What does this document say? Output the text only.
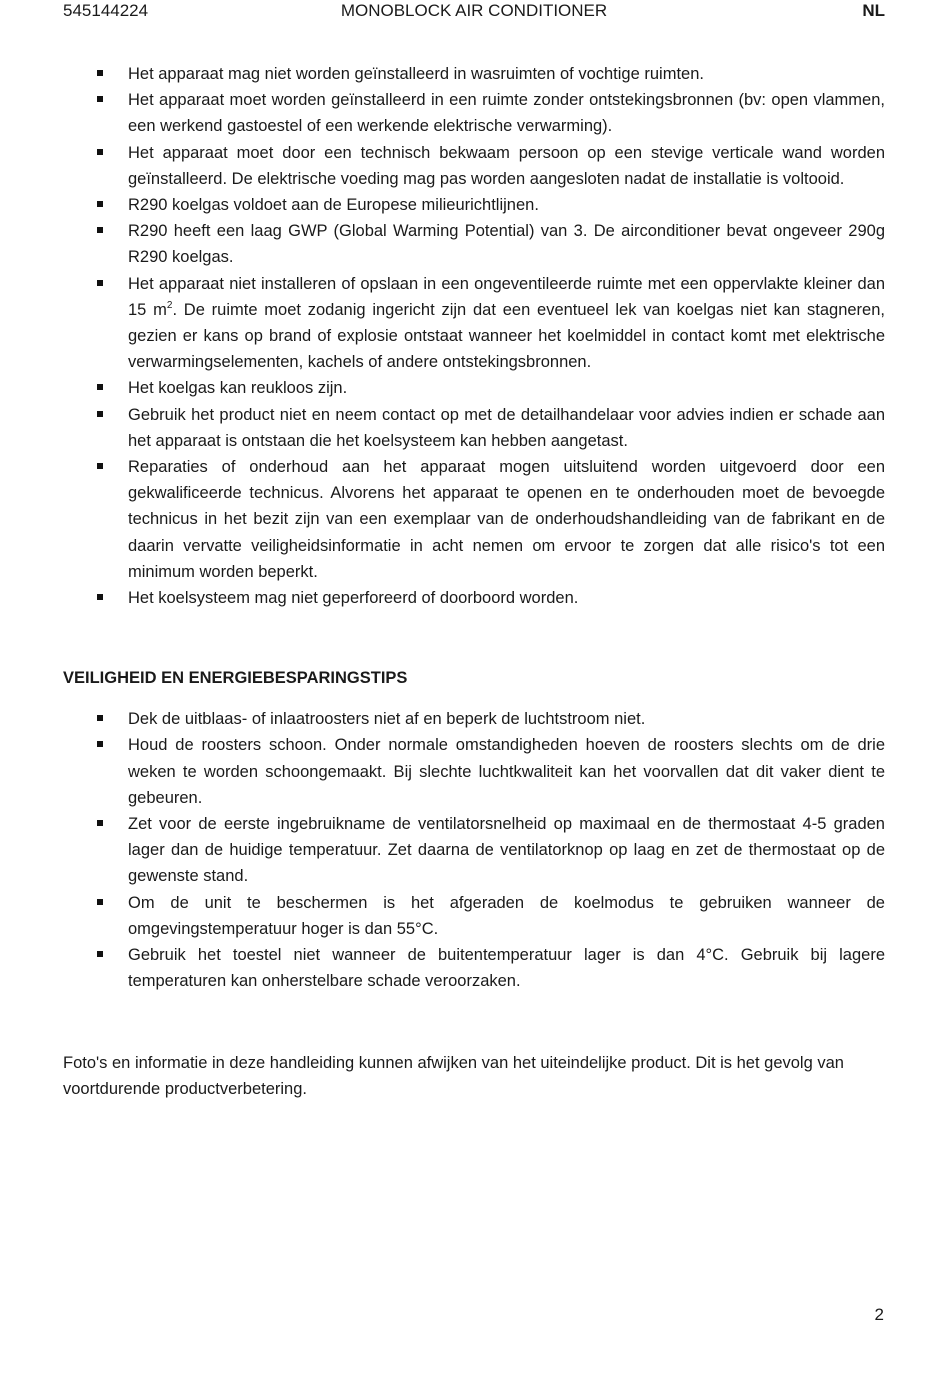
545144224	MONOBLOCK AIR CONDITIONER	NL
Het apparaat mag niet worden geïnstalleerd in wasruimten of vochtige ruimten.
Het apparaat moet worden geïnstalleerd in een ruimte zonder ontstekingsbronnen (bv: open vlammen, een werkend gastoestel of een werkende elektrische verwarming).
Het apparaat moet door een technisch bekwaam persoon op een stevige verticale wand worden geïnstalleerd. De elektrische voeding mag pas worden aangesloten nadat de installatie is voltooid.
R290 koelgas voldoet aan de Europese milieurichtlijnen.
R290 heeft een laag GWP (Global Warming Potential) van 3. De airconditioner bevat ongeveer 290g R290 koelgas.
Het apparaat niet installeren of opslaan in een ongeventileerde ruimte met een oppervlakte kleiner dan 15 $m^2$. De ruimte moet zodanig ingericht zijn dat een eventueel lek van koelgas niet kan stagneren, gezien er kans op brand of explosie ontstaat wanneer het koelmiddel in contact komt met elektrische verwarmingselementen, kachels of andere ontstekingsbronnen.
Het koelgas kan reukloos zijn.
Gebruik het product niet en neem contact op met de detailhandelaar voor advies indien er schade aan het apparaat is ontstaan die het koelsysteem kan hebben aangetast.
Reparaties of onderhoud aan het apparaat mogen uitsluitend worden uitgevoerd door een gekwalificeerde technicus. Alvorens het apparaat te openen en te onderhouden moet de bevoegde technicus in het bezit zijn van een exemplaar van de onderhoudshandleiding van de fabrikant en de daarin vervatte veiligheidsinformatie in acht nemen om ervoor te zorgen dat alle risico's tot een minimum worden beperkt.
Het koelsysteem mag niet geperforeerd of doorboord worden.
VEILIGHEID EN ENERGIEBESPARINGSTIPS
Dek de uitblaas- of inlaatroosters niet af en beperk de luchtstroom niet.
Houd de roosters schoon. Onder normale omstandigheden hoeven de roosters slechts om de drie weken te worden schoongemaakt. Bij slechte luchtkwaliteit kan het voorvallen dat dit vaker dient te gebeuren.
Zet voor de eerste ingebruikname de ventilatorsnelheid op maximaal en de thermostaat 4-5 graden lager dan de huidige temperatuur. Zet daarna de ventilatorknop op laag en zet de thermostaat op de gewenste stand.
Om de unit te beschermen is het afgeraden de koelmodus te gebruiken wanneer de omgevingstemperatuur hoger is dan 55°C.
Gebruik het toestel niet wanneer de buitentemperatuur lager is dan 4°C. Gebruik bij lagere temperaturen kan onherstelbare schade veroorzaken.

Foto's en informatie in deze handleiding kunnen afwijken van het uiteindelijke product. Dit is het gevolg van voortdurende productverbetering.

2
